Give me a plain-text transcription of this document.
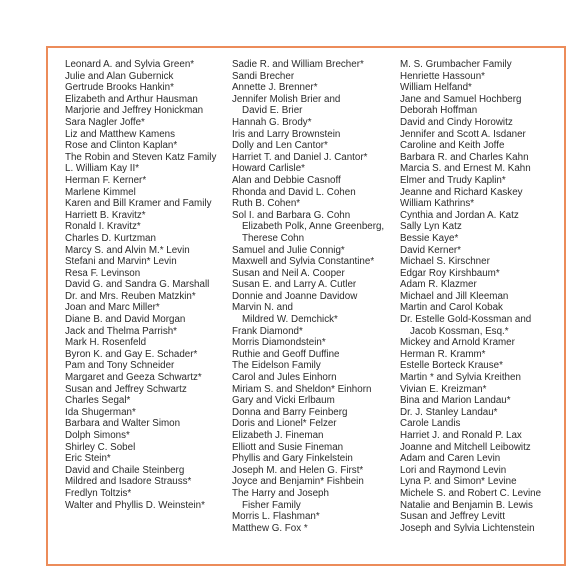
Leonard A. and Sylvia Green*
Julie and Alan Gubernick
Gertrude Brooks Hankin*
Elizabeth and Arthur Hausman
Marjorie and Jeffrey Honickman
Sara Nagler Joffe*
Liz and Matthew Kamens
Rose and Clinton Kaplan*
The Robin and Steven Katz Family
L. William Kay II*
Herman F. Kerner*
Marlene Kimmel
Karen and Bill Kramer and Family
Harriett B. Kravitz*
Ronald I. Kravitz*
Charles D. Kurtzman
Marcy S. and Alvin M.* Levin
Stefani and Marvin* Levin
Resa F. Levinson
David G. and Sandra G. Marshall
Dr. and Mrs. Reuben Matzkin*
Joan and Marc Miller*
Diane B. and David Morgan
Jack and Thelma Parrish*
Mark H. Rosenfeld
Byron K. and Gay E. Schader*
Pam and Tony Schneider
Margaret and Geeza Schwartz*
Susan and Jeffrey Schwartz
Charles Segal*
Ida Shugerman*
Barbara and Walter Simon
Dolph Simons*
Shirley C. Sobel
Eric Stein*
David and Chaile Steinberg
Mildred and Isadore Strauss*
Fredlyn Toltzis*
Walter and Phyllis D. Weinstein*
Sadie R. and William Brecher*
Sandi Brecher
Annette J. Brenner*
Jennifer Molish Brier and
David E. Brier
Hannah G. Brody*
Iris and Larry Brownstein
Dolly and Len Cantor*
Harriet T. and Daniel J. Cantor*
Howard Carlisle*
Alan and Debbie Casnoff
Rhonda and David L. Cohen
Ruth B. Cohen*
Sol I. and Barbara G. Cohn
Elizabeth Polk, Anne Greenberg,
Therese Cohn
Samuel and Julie Connig*
Maxwell and Sylvia Constantine*
Susan and Neil A. Cooper
Susan E. and Larry A. Cutler
Donnie and Joanne Davidow
Marvin N. and
Mildred W. Demchick*
Frank Diamond*
Morris Diamondstein*
Ruthie and Geoff Duffine
The Eidelson Family
Carol and Jules Einhorn
Miriam S. and Sheldon* Einhorn
Gary and Vicki Erlbaum
Donna and Barry Feinberg
Doris and Lionel* Felzer
Elizabeth J. Fineman
Elliott and Susie Fineman
Phyllis and Gary Finkelstein
Joseph M. and Helen G. First*
Joyce and Benjamin* Fishbein
The Harry and Joseph
Fisher Family
Morris L. Flashman*
Matthew G. Fox *
M. S. Grumbacher Family
Henriette Hassoun*
William Helfand*
Jane and Samuel Hochberg
Deborah Hoffman
David and Cindy Horowitz
Jennifer and Scott A. Isdaner
Caroline and Keith Joffe
Barbara R. and Charles Kahn
Marcia S. and Ernest M. Kahn
Elmer and Trudy Kaplin*
Jeanne and Richard Kaskey
William Kathrins*
Cynthia and Jordan A. Katz
Sally Lyn Katz
Bessie Kaye*
David Kerner*
Michael S. Kirschner
Edgar Roy Kirshbaum*
Adam R. Klazmer
Michael and Jill Kleeman
Martin and Carol Kobak
Dr. Estelle Gold-Kossman and
Jacob Kossman, Esq.*
Mickey and Arnold Kramer
Herman R. Kramm*
Estelle Borteck Krause*
Martin * and Sylvia Kreithen
Vivian E. Kreizman*
Bina and Marion Landau*
Dr. J. Stanley Landau*
Carole Landis
Harriet J. and Ronald P. Lax
Joanne and Mitchell Leibowitz
Adam and Caren Levin
Lori and Raymond Levin
Lyna P. and Simon* Levine
Michele S. and Robert C. Levine
Natalie and Benjamin B. Lewis
Susan and Jeffrey Levitt
Joseph and Sylvia Lichtenstein
